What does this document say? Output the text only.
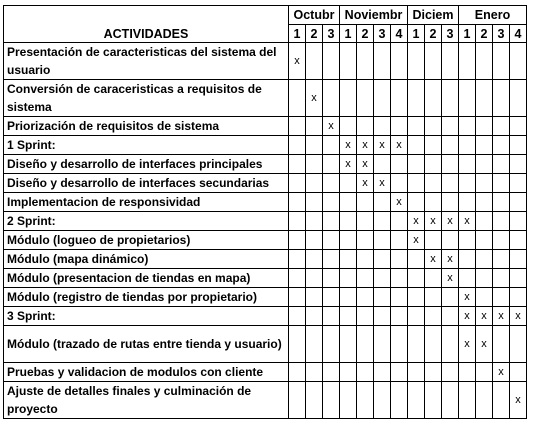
ACTIVIDADES	Octubr			Noviembr				Diciem			Enero			
	1	2	3	1	2	3	4	1	2	3	1	2	3	4
Presentación de caracteristicas del sistema del usuario	x													
Conversión de caraceristicas a requisitos de sistema		x												
Priorización de requisitos de sistema			x											
1 Sprint:				x	x	x	x							
Diseño y desarrollo de interfaces principales				x	x									
Diseño y desarrollo de interfaces secundarias					x	x								
Implementacion de responsividad							x							
2 Sprint:								x	x	x	x			
Módulo (logueo de propietarios)								x						
Módulo (mapa dinámico)									x	x				
Módulo (presentacion de tiendas en mapa)										x				
Módulo (registro de tiendas por propietario)											x			
3 Sprint:											x	x	x	x
Módulo (trazado de rutas entre tienda y usuario)											x	x		
Pruebas y validacion de modulos con cliente													x	
Ajuste de detalles finales y culminación de proyecto														x
